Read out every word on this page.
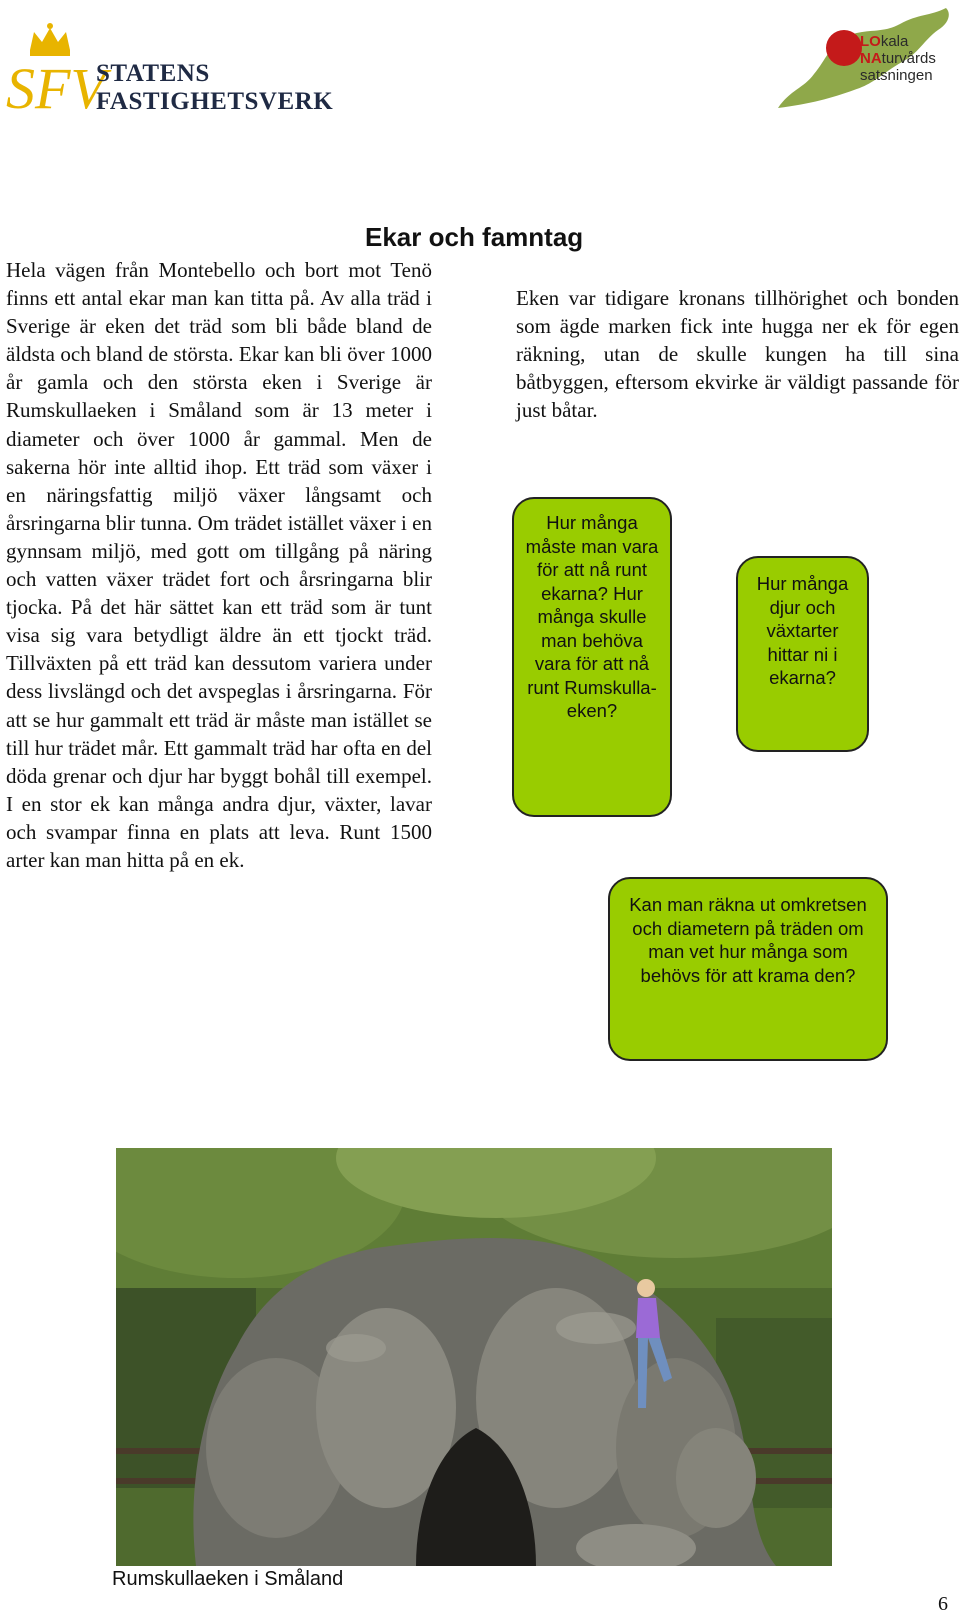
SFV
STATENS
FASTIGHETSVERK
LOkala
NAturvårds
satsningen
Ekar och famntag

Hela vägen från Montebello och bort mot Tenö finns ett antal ekar man kan titta på. Av alla träd i Sverige är eken det träd som bli både bland de äldsta och bland de största. Ekar kan bli över 1000 år gamla och den största eken i Sverige är Rumskullaeken i Småland som är 13 meter i diameter och över 1000 år gammal. Men de sakerna hör inte alltid ihop. Ett träd som växer i en näringsfattig miljö växer långsamt och årsringarna blir tunna. Om trädet istället växer i en gynnsam miljö, med gott om tillgång på näring och vatten växer trädet fort och årsringarna blir tjocka. På det här sättet kan ett träd som är tunt visa sig vara betydligt äldre än ett tjockt träd. Tillväxten på ett träd kan dessutom variera under dess livslängd och det avspeglas i årsringarna. För att se hur gammalt ett träd är måste man istället se till hur trädet mår. Ett gammalt träd har ofta en del döda grenar och djur har byggt bohål till exempel. I en stor ek kan många andra djur, växter, lavar och svampar finna en plats att leva. Runt 1500 arter kan man hitta på en ek.

Eken var tidigare kronans tillhörighet och bonden som ägde marken fick inte hugga ner ek för egen räkning, utan de skulle kungen ha till sina båtbyggen, eftersom ekvirke är väldigt passande för just båtar.

Hur många måste man vara för att nå runt ekarna? Hur många skulle man behöva vara för att nå runt Rumskulla-eken?
Hur många djur och växtarter hittar ni i ekarna?
Kan man räkna ut omkretsen och diametern på träden om man vet hur många som behövs för att krama den?
Rumskullaeken i Småland
6
